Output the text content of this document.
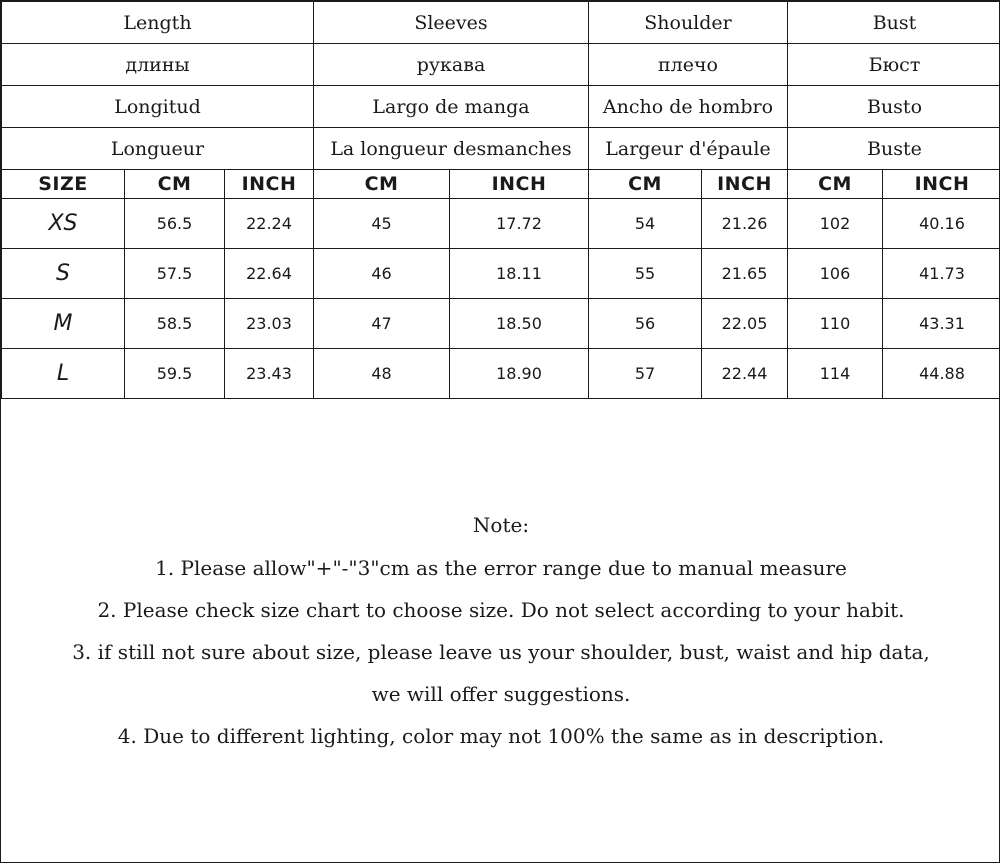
Length			Sleeves		Shoulder		Bust	
длины			рукава		плечо		Бюст	
Longitud			Largo de manga		Ancho de hombro		Busto	
Longueur			La longueur desmanches		Largeur d'épaule		Buste	
SIZE	CM	INCH	CM	INCH	CM	INCH	CM	INCH
XS	56.5	22.24	45	17.72	54	21.26	102	40.16
S	57.5	22.64	46	18.11	55	21.65	106	41.73
M	58.5	23.03	47	18.50	56	22.05	110	43.31
L	59.5	23.43	48	18.90	57	22.44	114	44.88
Note:
1. Please allow"+"-"3"cm as the error range due to manual measure
2. Please check size chart to choose size. Do not select according to your habit.
3. if still not sure about size, please leave us your shoulder, bust, waist and hip data,
we will offer suggestions.
4. Due to different lighting, color may not 100% the same as in description.
